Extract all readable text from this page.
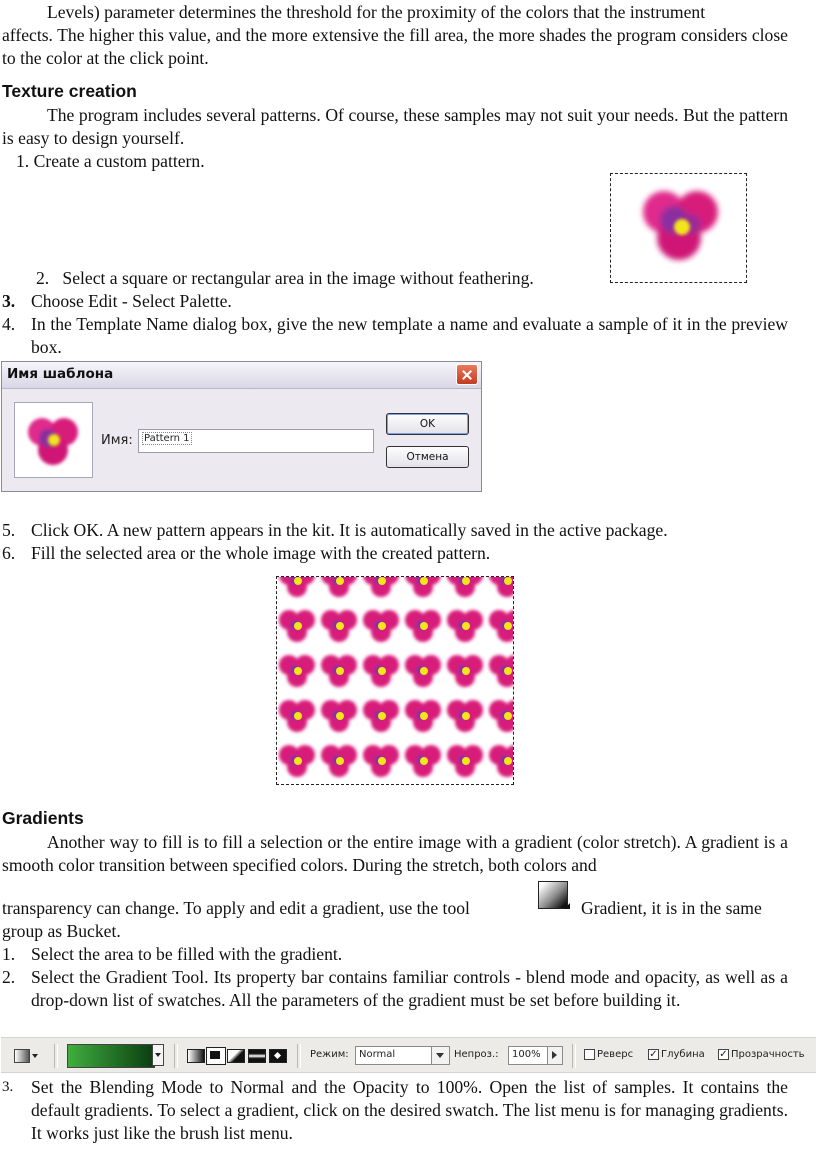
Levels) parameter determines the threshold for the proximity of the colors that the instrument
affects. The higher this value, and the more extensive the fill area, the more shades the program considers close to the color at the click point.
Texture creation
The program includes several patterns. Of course, these samples may not suit your needs. But the pattern is easy to design yourself.
1. Create a custom pattern.
2. Select a square or rectangular area in the image without feathering.
3. Choose Edit - Select Palette.
4. In the Template Name dialog box, give the new template a name and evaluate a sample of it in the preview box.
Имя шаблона
Имя:	Pattern 1
OK
Отмена
5. Click OK. A new pattern appears in the kit. It is automatically saved in the active package.
6. Fill the selected area or the whole image with the created pattern.
Gradients
Another way to fill is to fill a selection or the entire image with a gradient (color stretch). A gradient is a smooth color transition between specified colors. During the stretch, both colors and
transparency can change. To apply and edit a gradient, use the tool	Gradient, it is in the same
group as Bucket.
1. Select the area to be filled with the gradient.
2. Select the Gradient Tool. Its property bar contains familiar controls - blend mode and opacity, as well as a drop-down list of swatches. All the parameters of the gradient must be set before building it.
Режим:	Normal	Непроз.:	100%	Реверс ✓ Глубина ✓ Прозрачность
3.	Set the Blending Mode to Normal and the Opacity to 100%. Open the list of samples. It contains the default gradients. To select a gradient, click on the desired swatch. The list menu is for managing gradients. It works just like the brush list menu.
